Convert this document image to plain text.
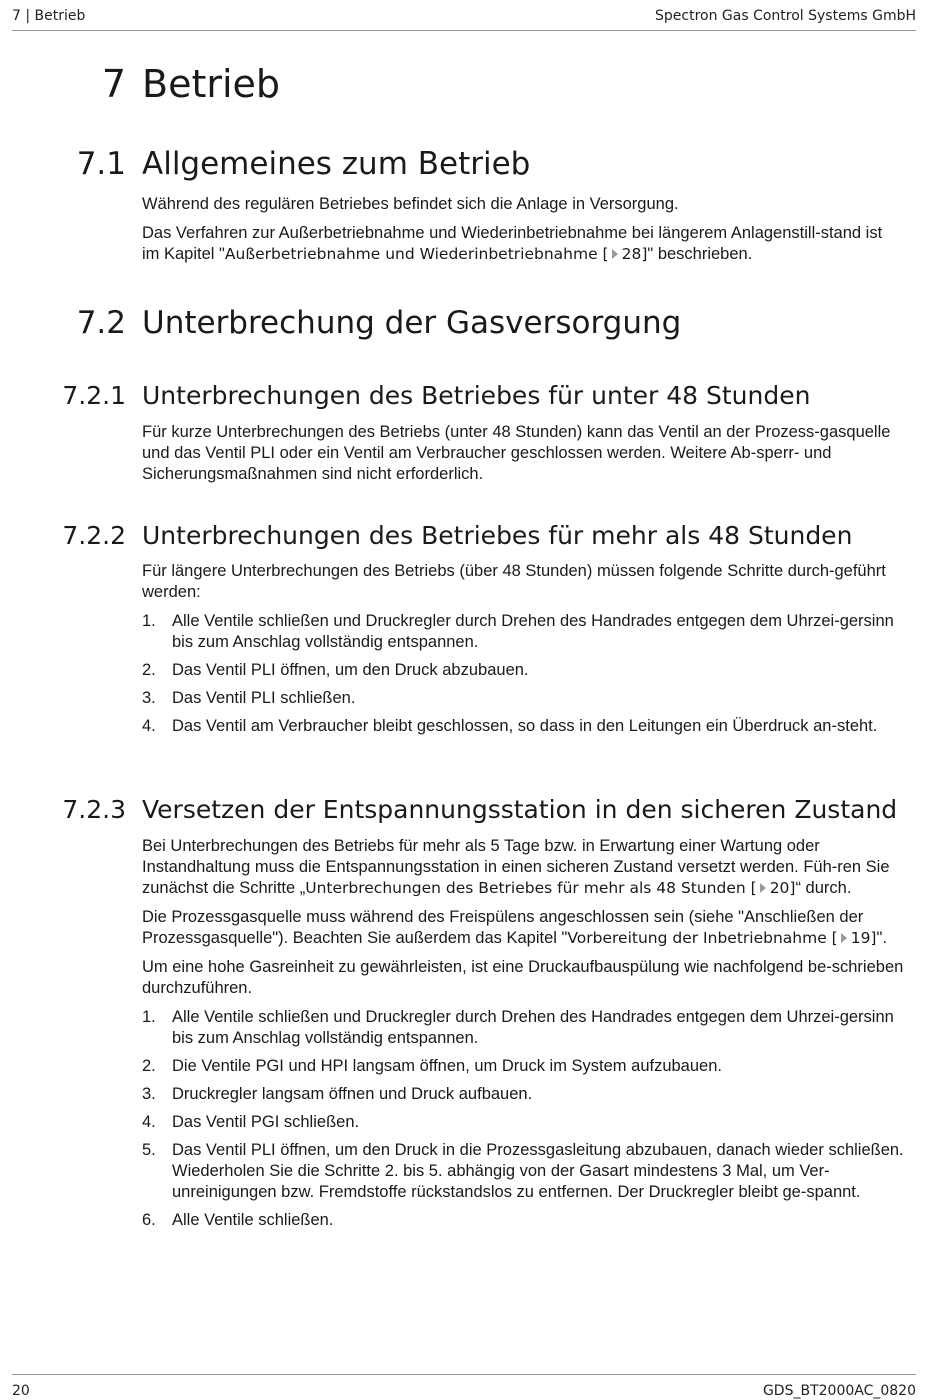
7 | Betrieb	Spectron Gas Control Systems GmbH
7 Betrieb
7.1 Allgemeines zum Betrieb

Während des regulären Betriebes befindet sich die Anlage in Versorgung.

Das Verfahren zur Außerbetriebnahme und Wiederinbetriebnahme bei längerem Anlagenstill-stand ist im Kapitel "Außerbetriebnahme und Wiederinbetriebnahme [ 28]" beschrieben.

7.2 Unterbrechung der Gasversorgung
7.2.1 Unterbrechungen des Betriebes für unter 48 Stunden

Für kurze Unterbrechungen des Betriebs (unter 48 Stunden) kann das Ventil an der Prozess-gasquelle und das Ventil PLI oder ein Ventil am Verbraucher geschlossen werden. Weitere Ab-sperr- und Sicherungsmaßnahmen sind nicht erforderlich.

7.2.2 Unterbrechungen des Betriebes für mehr als 48 Stunden

Für längere Unterbrechungen des Betriebs (über 48 Stunden) müssen folgende Schritte durch-geführt werden:

1. Alle Ventile schließen und Druckregler durch Drehen des Handrades entgegen dem Uhrzei-gersinn bis zum Anschlag vollständig entspannen.
2. Das Ventil PLI öffnen, um den Druck abzubauen.
3. Das Ventil PLI schließen.
4. Das Ventil am Verbraucher bleibt geschlossen, so dass in den Leitungen ein Überdruck an-steht.
7.2.3 Versetzen der Entspannungsstation in den sicheren Zustand

Bei Unterbrechungen des Betriebs für mehr als 5 Tage bzw. in Erwartung einer Wartung oder Instandhaltung muss die Entspannungsstation in einen sicheren Zustand versetzt werden. Füh-ren Sie zunächst die Schritte „Unterbrechungen des Betriebes für mehr als 48 Stunden [ 20]“ durch.

Die Prozessgasquelle muss während des Freispülens angeschlossen sein (siehe "Anschließen der Prozessgasquelle"). Beachten Sie außerdem das Kapitel "Vorbereitung der Inbetriebnahme [ 19]".

Um eine hohe Gasreinheit zu gewährleisten, ist eine Druckaufbauspülung wie nachfolgend be-schrieben durchzuführen.

1. Alle Ventile schließen und Druckregler durch Drehen des Handrades entgegen dem Uhrzei-gersinn bis zum Anschlag vollständig entspannen.
2. Die Ventile PGI und HPI langsam öffnen, um Druck im System aufzubauen.
3. Druckregler langsam öffnen und Druck aufbauen.
4. Das Ventil PGI schließen.
5. Das Ventil PLI öffnen, um den Druck in die Prozessgasleitung abzubauen, danach wieder schließen.
Wiederholen Sie die Schritte 2. bis 5. abhängig von der Gasart mindestens 3 Mal, um Ver-unreinigungen bzw. Fremdstoffe rückstandslos zu entfernen. Der Druckregler bleibt ge-spannt.
6. Alle Ventile schließen.
20	GDS_BT2000AC_0820
